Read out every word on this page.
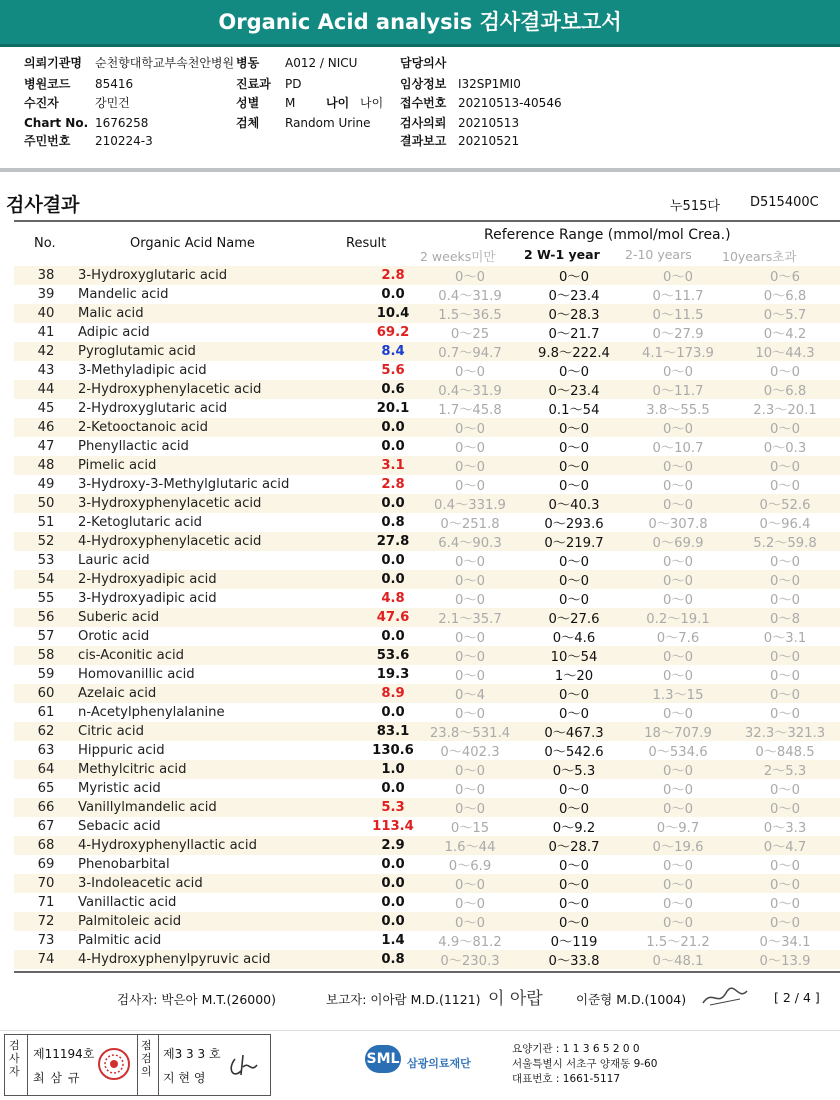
Organic Acid analysis 검사결과보고서
의뢰기관명 순천향대학교부속천안병원 병동 A012 / NICU	담당의사
병원코드 85416	진료과 PD	임상정보 I32SP1MI0
수진자	강민건	성별 M	나이 나이 접수번호 20210513-40546
Chart No. 1676258	검체 Random Urine 검사의뢰 20210513
주민번호 210224-3	결과보고 20210521
검사결과	누515다 D515400C
No.	Organic Acid Name	Result
Reference Range (mmol/mol Crea.)
2 weeks미만 2 W-1 year 2-10 years 10years초과
38	3-Hydroxyglutaric acid	2.8	0～0	0～0	0～0	0～6
39	Mandelic acid	0.0	0.4～31.9	0～23.4	0～11.7	0～6.8
40	Malic acid	10.4	1.5～36.5	0～28.3	0～11.5	0～5.7
41	Adipic acid	69.2	0～25	0～21.7	0～27.9	0～4.2
42	Pyroglutamic acid	8.4	0.7～94.7	9.8～222.4	4.1～173.9	10～44.3
43	3-Methyladipic acid	5.6	0～0	0～0	0～0	0～0
44	2-Hydroxyphenylacetic acid	0.6	0.4～31.9	0～23.4	0～11.7	0～6.8
45	2-Hydroxyglutaric acid	20.1	1.7～45.8	0.1～54	3.8～55.5	2.3～20.1
46	2-Ketooctanoic acid	0.0	0～0	0～0	0～0	0～0
47	Phenyllactic acid	0.0	0～0	0～0	0～10.7	0～0.3
48	Pimelic acid	3.1	0～0	0～0	0～0	0～0
49	3-Hydroxy-3-Methylglutaric acid	2.8	0～0	0～0	0～0	0～0
50	3-Hydroxyphenylacetic acid	0.0	0.4～331.9	0～40.3	0～0	0～52.6
51	2-Ketoglutaric acid	0.8	0～251.8	0～293.6	0～307.8	0～96.4
52	4-Hydroxyphenylacetic acid	27.8	6.4～90.3	0～219.7	0～69.9	5.2～59.8
53	Lauric acid	0.0	0～0	0～0	0～0	0～0
54	2-Hydroxyadipic acid	0.0	0～0	0～0	0～0	0～0
55	3-Hydroxyadipic acid	4.8	0～0	0～0	0～0	0～0
56	Suberic acid	47.6	2.1～35.7	0～27.6	0.2～19.1	0～8
57	Orotic acid	0.0	0～0	0～4.6	0～7.6	0～3.1
58	cis-Aconitic acid	53.6	0～0	10～54	0～0	0～0
59	Homovanillic acid	19.3	0～0	1～20	0～0	0～0
60	Azelaic acid	8.9	0～4	0～0	1.3～15	0～0
61	n-Acetylphenylalanine	0.0	0～0	0～0	0～0	0～0
62	Citric acid	83.1	23.8～531.4	0～467.3	18～707.9	32.3～321.3
63	Hippuric acid	130.6	0～402.3	0～542.6	0～534.6	0～848.5
64	Methylcitric acid	1.0	0～0	0～5.3	0～0	2～5.3
65	Myristic acid	0.0	0～0	0～0	0～0	0～0
66	Vanillylmandelic acid	5.3	0～0	0～0	0～0	0～0
67	Sebacic acid	113.4	0～15	0～9.2	0～9.7	0～3.3
68	4-Hydroxyphenyllactic acid	2.9	1.6～44	0～28.7	0～19.6	0～4.7
69	Phenobarbital	0.0	0～6.9	0～0	0～0	0～0
70	3-Indoleacetic acid	0.0	0～0	0～0	0～0	0～0
71	Vanillactic acid	0.0	0～0	0～0	0～0	0～0
72	Palmitoleic acid	0.0	0～0	0～0	0～0	0～0
73	Palmitic acid	1.4	4.9～81.2	0～119	1.5～21.2	0～34.1
74	4-Hydroxyphenylpyruvic acid	0.8	0～230.3	0～33.8	0～48.1	0～13.9
검사자: 박은아 M.T.(26000)	보고자: 이아람 M.D.(1121) 이 아랍	이준형 M.D.(1004)	[ 2 / 4 ]
검사자
제11194호
최 삼 규
점검의
제3 3 3 호
지 현 영
SML 삼광의료재단
요양기관 : 1 1 3 6 5 2 0 0
서울특별시 서초구 양재동 9-60
대표번호 : 1661-5117
